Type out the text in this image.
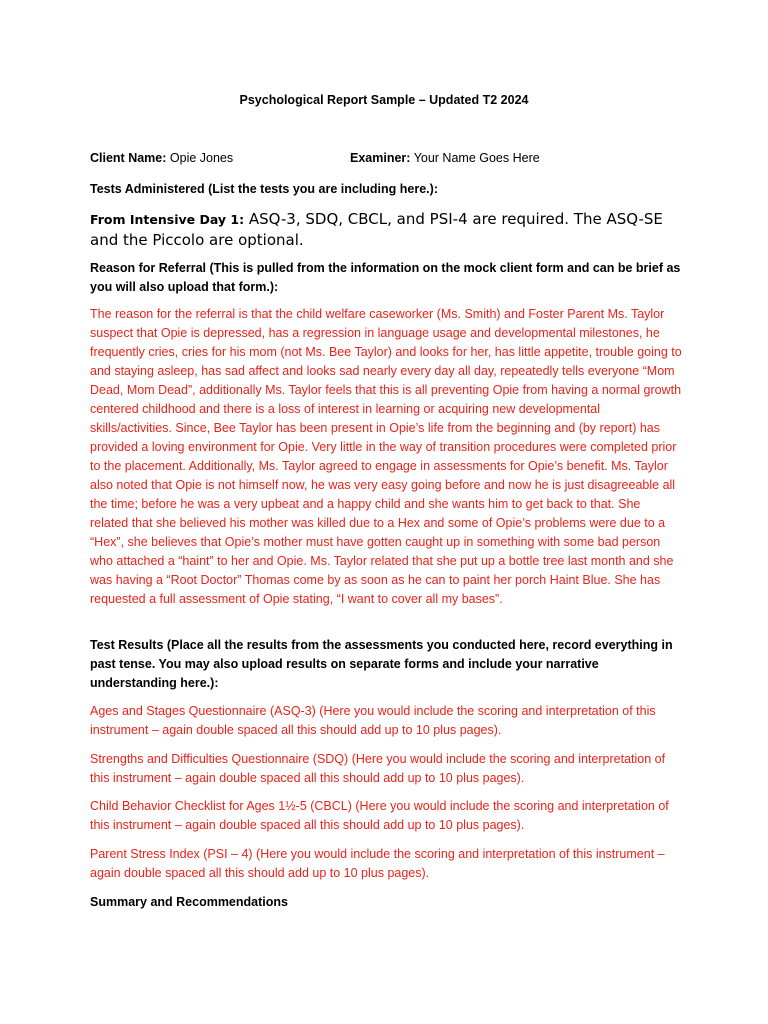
Psychological Report Sample – Updated T2 2024
Client Name: Opie Jones	Examiner: Your Name Goes Here

Tests Administered (List the tests you are including here.):

From Intensive Day 1: ASQ-3, SDQ, CBCL, and PSI-4 are required. The ASQ-SE and the Piccolo are optional.

Reason for Referral (This is pulled from the information on the mock client form and can be brief as you will also upload that form.):

The reason for the referral is that the child welfare caseworker (Ms. Smith) and Foster Parent Ms. Taylor suspect that Opie is depressed, has a regression in language usage and developmental milestones, he frequently cries, cries for his mom (not Ms. Bee Taylor) and looks for her, has little appetite, trouble going to and staying asleep, has sad affect and looks sad nearly every day all day, repeatedly tells everyone “Mom Dead, Mom Dead”, additionally Ms. Taylor feels that this is all preventing Opie from having a normal growth centered childhood and there is a loss of interest in learning or acquiring new developmental skills/activities. Since, Bee Taylor has been present in Opie’s life from the beginning and (by report) has provided a loving environment for Opie. Very little in the way of transition procedures were completed prior to the placement. Additionally, Ms. Taylor agreed to engage in assessments for Opie’s benefit. Ms. Taylor also noted that Opie is not himself now, he was very easy going before and now he is just disagreeable all the time; before he was a very upbeat and a happy child and she wants him to get back to that. She related that she believed his mother was killed due to a Hex and some of Opie’s problems were due to a “Hex”, she believes that Opie’s mother must have gotten caught up in something with some bad person who attached a “haint” to her and Opie. Ms. Taylor related that she put up a bottle tree last month and she was having a “Root Doctor” Thomas come by as soon as he can to paint her porch Haint Blue. She has requested a full assessment of Opie stating, “I want to cover all my bases”.

Test Results (Place all the results from the assessments you conducted here, record everything in past tense. You may also upload results on separate forms and include your narrative understanding here.):

Ages and Stages Questionnaire (ASQ-3) (Here you would include the scoring and interpretation of this instrument – again double spaced all this should add up to 10 plus pages).

Strengths and Difficulties Questionnaire (SDQ) (Here you would include the scoring and interpretation of this instrument – again double spaced all this should add up to 10 plus pages).

Child Behavior Checklist for Ages 1½-5 (CBCL) (Here you would include the scoring and interpretation of this instrument – again double spaced all this should add up to 10 plus pages).

Parent Stress Index (PSI – 4) (Here you would include the scoring and interpretation of this instrument – again double spaced all this should add up to 10 plus pages).

Summary and Recommendations
